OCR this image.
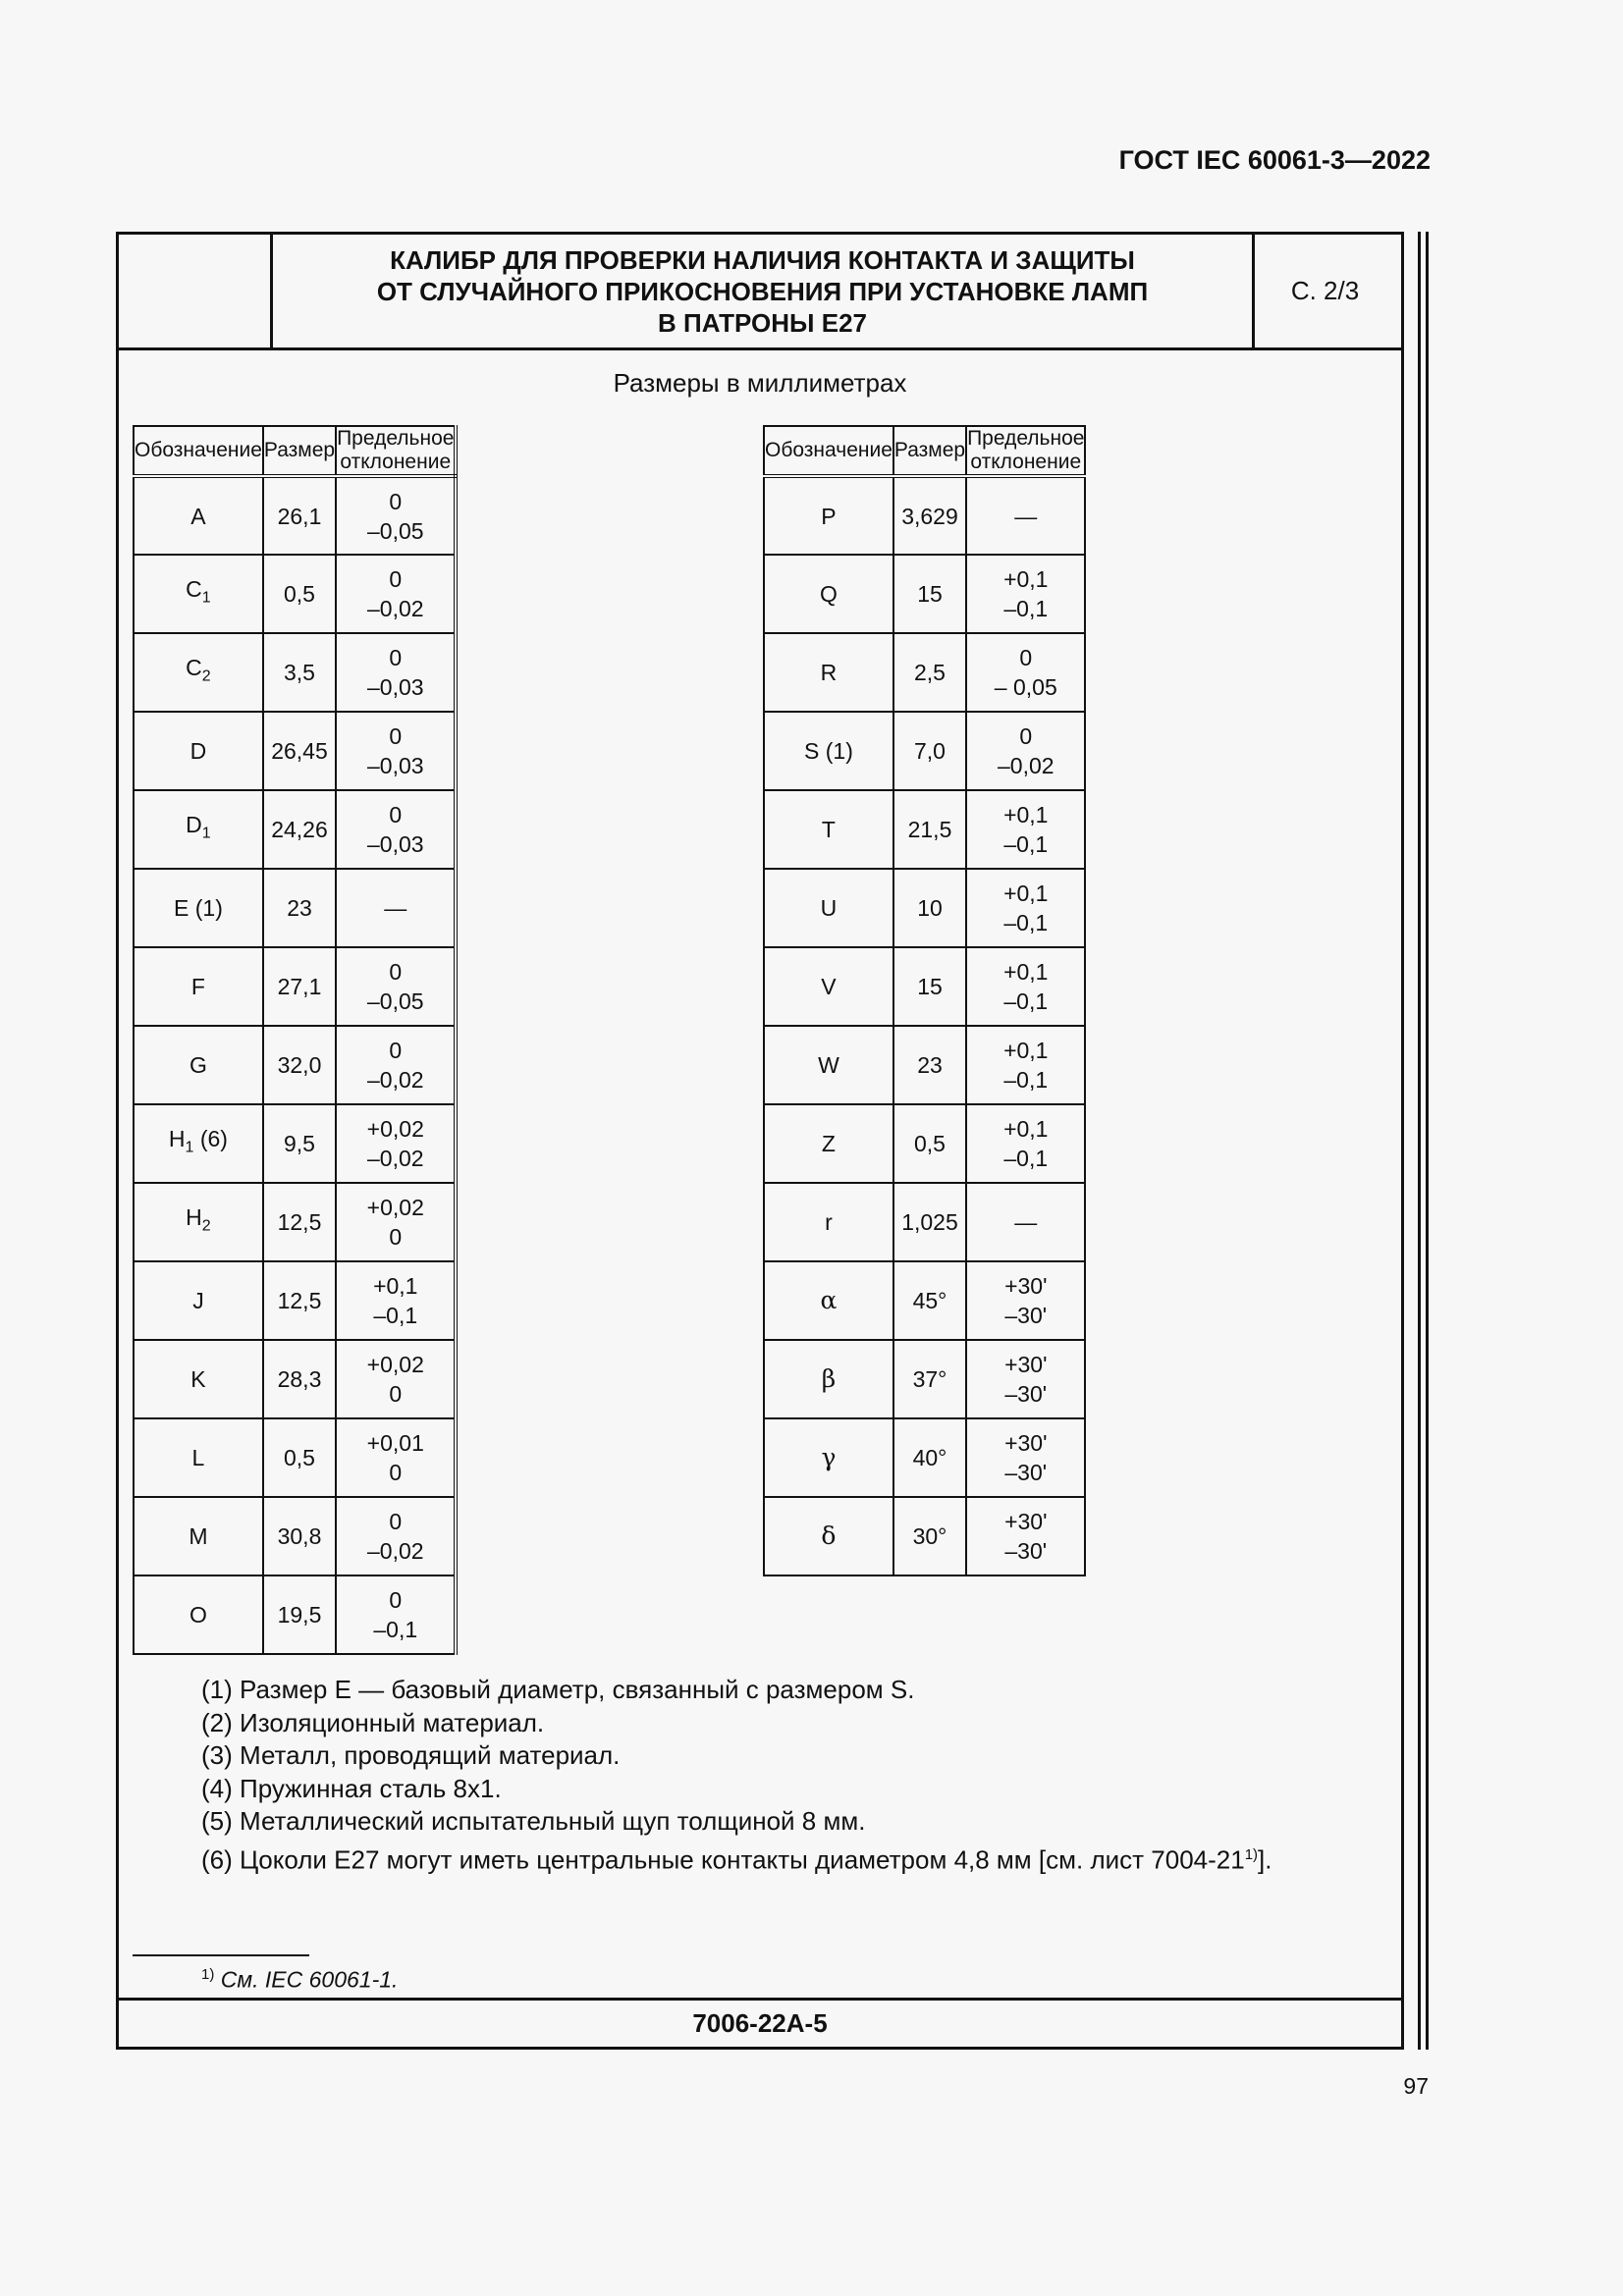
ГОСТ IEC 60061-3—2022
КАЛИБР ДЛЯ ПРОВЕРКИ НАЛИЧИЯ КОНТАКТА И ЗАЩИТЫ
ОТ СЛУЧАЙНОГО ПРИКОСНОВЕНИЯ ПРИ УСТАНОВКЕ ЛАМП
В ПАТРОНЫ E27
С. 2/3
Размеры в миллиметрах
Обозначение	Размер	Предельное отклонение
A	26,1	0
–0,05

$C_1$	0,5	0
–0,02

$C_2$	3,5	0
–0,03

D	26,45	0
–0,03

$D_1$	24,26	0
–0,03

E (1)	23	—

F	27,1	0
–0,05

G	32,0	0
–0,02

$H_1$ (6)	9,5	+0,02
–0,02

$H_2$	12,5	+0,02
0

J	12,5	+0,1
–0,1

K	28,3	+0,02
0

L	0,5	+0,01
0

M	30,8	0
–0,02

O	19,5	0
–0,1
Обозначение	Размер	Предельное отклонение
P	3,629	—

Q	15	+0,1
–0,1

R	2,5	0
– 0,05

S (1)	7,0	0
–0,02

T	21,5	+0,1
–0,1

U	10	+0,1
–0,1

V	15	+0,1
–0,1

W	23	+0,1
–0,1

Z	0,5	+0,1
–0,1

r	1,025	—

α	45°	+30'
–30'

β	37°	+30'
–30'

γ	40°	+30'
–30'

δ	30°	+30'
–30'
(1) Размер E — базовый диаметр, связанный с размером S.
(2) Изоляционный материал.
(3) Металл, проводящий материал.
(4) Пружинная сталь 8х1.
(5) Металлический испытательный щуп толщиной 8 мм.
(6) Цоколи E27 могут иметь центральные контакты диаметром 4,8 мм [см. лист 7004-21$^{1)}$].
$^{1)}$ См. IEC 60061-1.
7006-22A-5
97
